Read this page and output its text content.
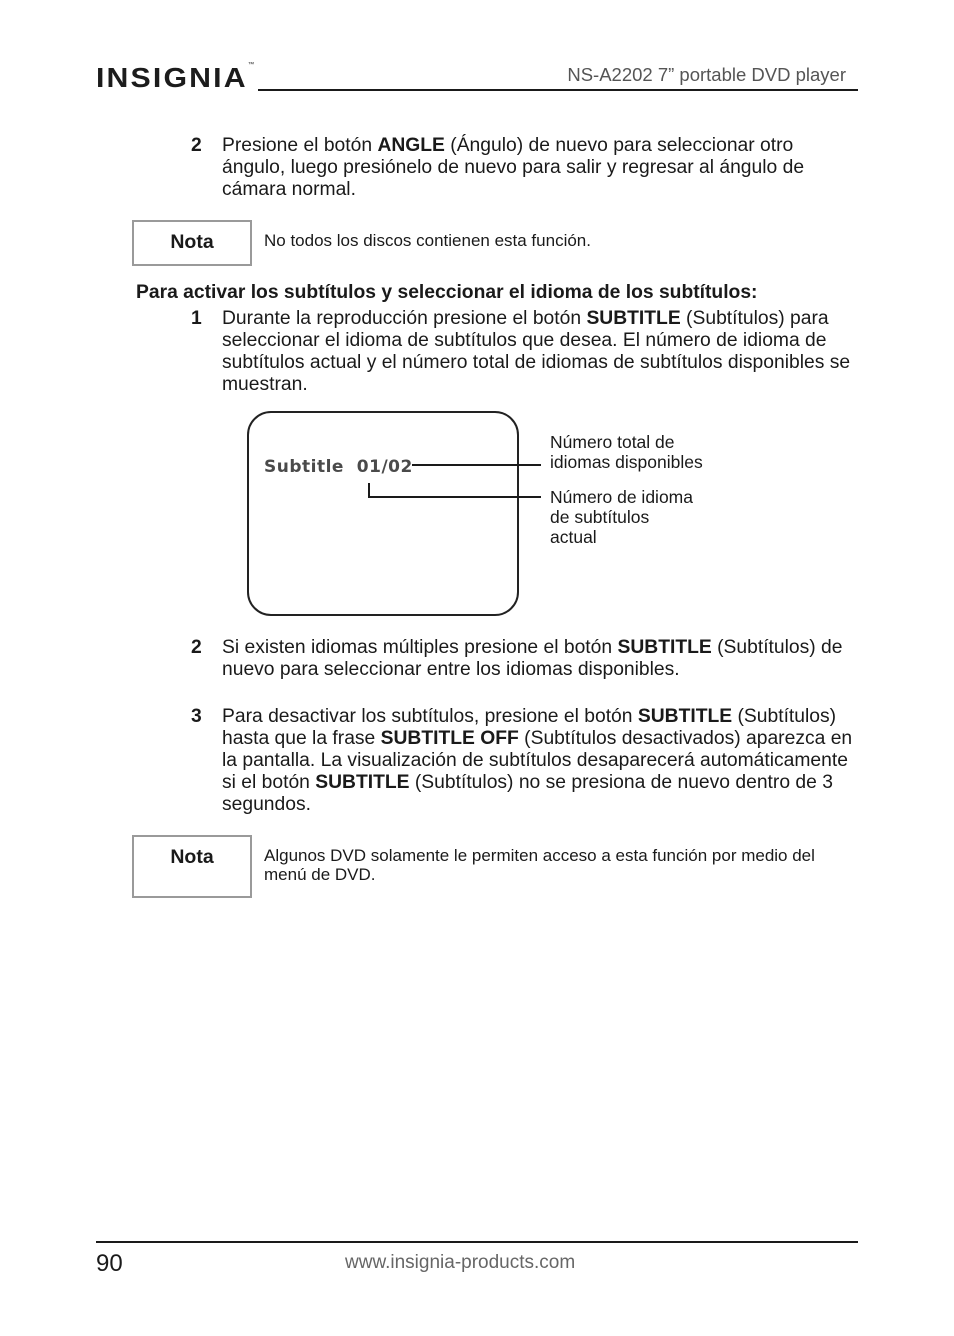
INSIGNIA™	NS-A2202 7” portable DVD player
2	Presione el botón ANGLE (Ángulo) de nuevo para seleccionar otro ángulo, luego presiónelo de nuevo para salir y regresar al ángulo de cámara normal.
Nota	No todos los discos contienen esta función.
Para activar los subtítulos y seleccionar el idioma de los subtítulos:
1	Durante la reproducción presione el botón SUBTITLE (Subtítulos) para seleccionar el idioma de subtítulos que desea. El número de idioma de subtítulos actual y el número total de idiomas de subtítulos disponibles se muestran.
Subtitle  01/02
Número total de
idiomas disponibles
Número de idioma
de subtítulos
actual
2	Si existen idiomas múltiples presione el botón SUBTITLE (Subtítulos) de nuevo para seleccionar entre los idiomas disponibles.
3	Para desactivar los subtítulos, presione el botón SUBTITLE (Subtítulos) hasta que la frase SUBTITLE OFF (Subtítulos desactivados) aparezca en la pantalla. La visualización de subtítulos desaparecerá automáticamente si el botón SUBTITLE (Subtítulos) no se presiona de nuevo dentro de 3 segundos.
Nota	Algunos DVD solamente le permiten acceso a esta función por medio del menú de DVD.
90	www.insignia-products.com
